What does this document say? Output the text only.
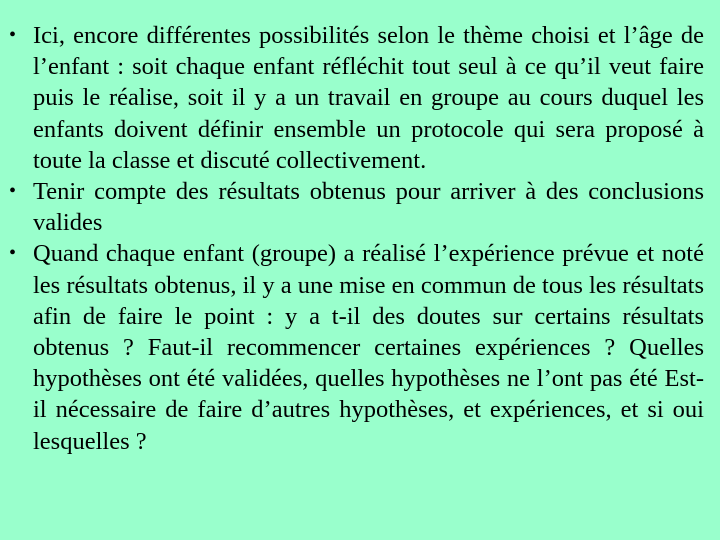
• Ici, encore différentes possibilités selon le thème choisi et l’âge de l’enfant : soit chaque enfant réfléchit tout seul à ce qu’il veut faire puis le réalise, soit il y a un travail en groupe au cours duquel les enfants doivent définir ensemble un protocole qui sera proposé à toute la classe et discuté collectivement.
• Tenir compte des résultats obtenus pour arriver à des conclusions valides
• Quand chaque enfant (groupe) a réalisé l’expérience prévue et noté les résultats obtenus, il y a une mise en commun de tous les résultats afin de faire le point : y a t-il des doutes sur certains résultats obtenus ? Faut-il recommencer certaines expériences ? Quelles hypothèses ont été validées, quelles hypothèses ne l’ont pas été Est-il nécessaire de faire d’autres hypothèses, et expériences, et si oui lesquelles ?
